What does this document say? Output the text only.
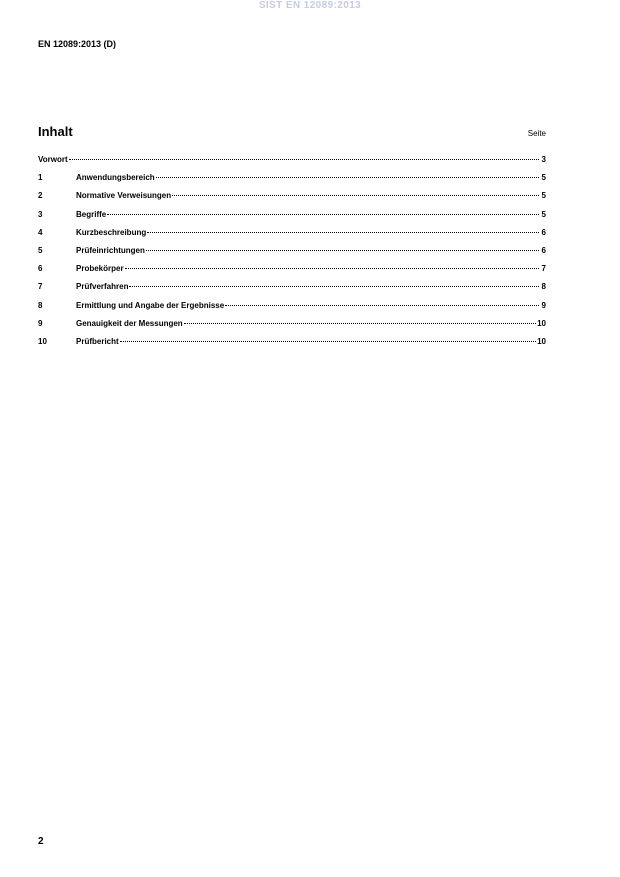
SIST EN 12089:2013
EN 12089:2013 (D)
Inhalt	Seite
Vorwort	3
1	Anwendungsbereich	5
2	Normative Verweisungen	5
3	Begriffe	5
4	Kurzbeschreibung	6
5	Prüfeinrichtungen	6
6	Probekörper	7
7	Prüfverfahren	8
8	Ermittlung und Angabe der Ergebnisse	9
9	Genauigkeit der Messungen	10
10	Prüfbericht	10
2
